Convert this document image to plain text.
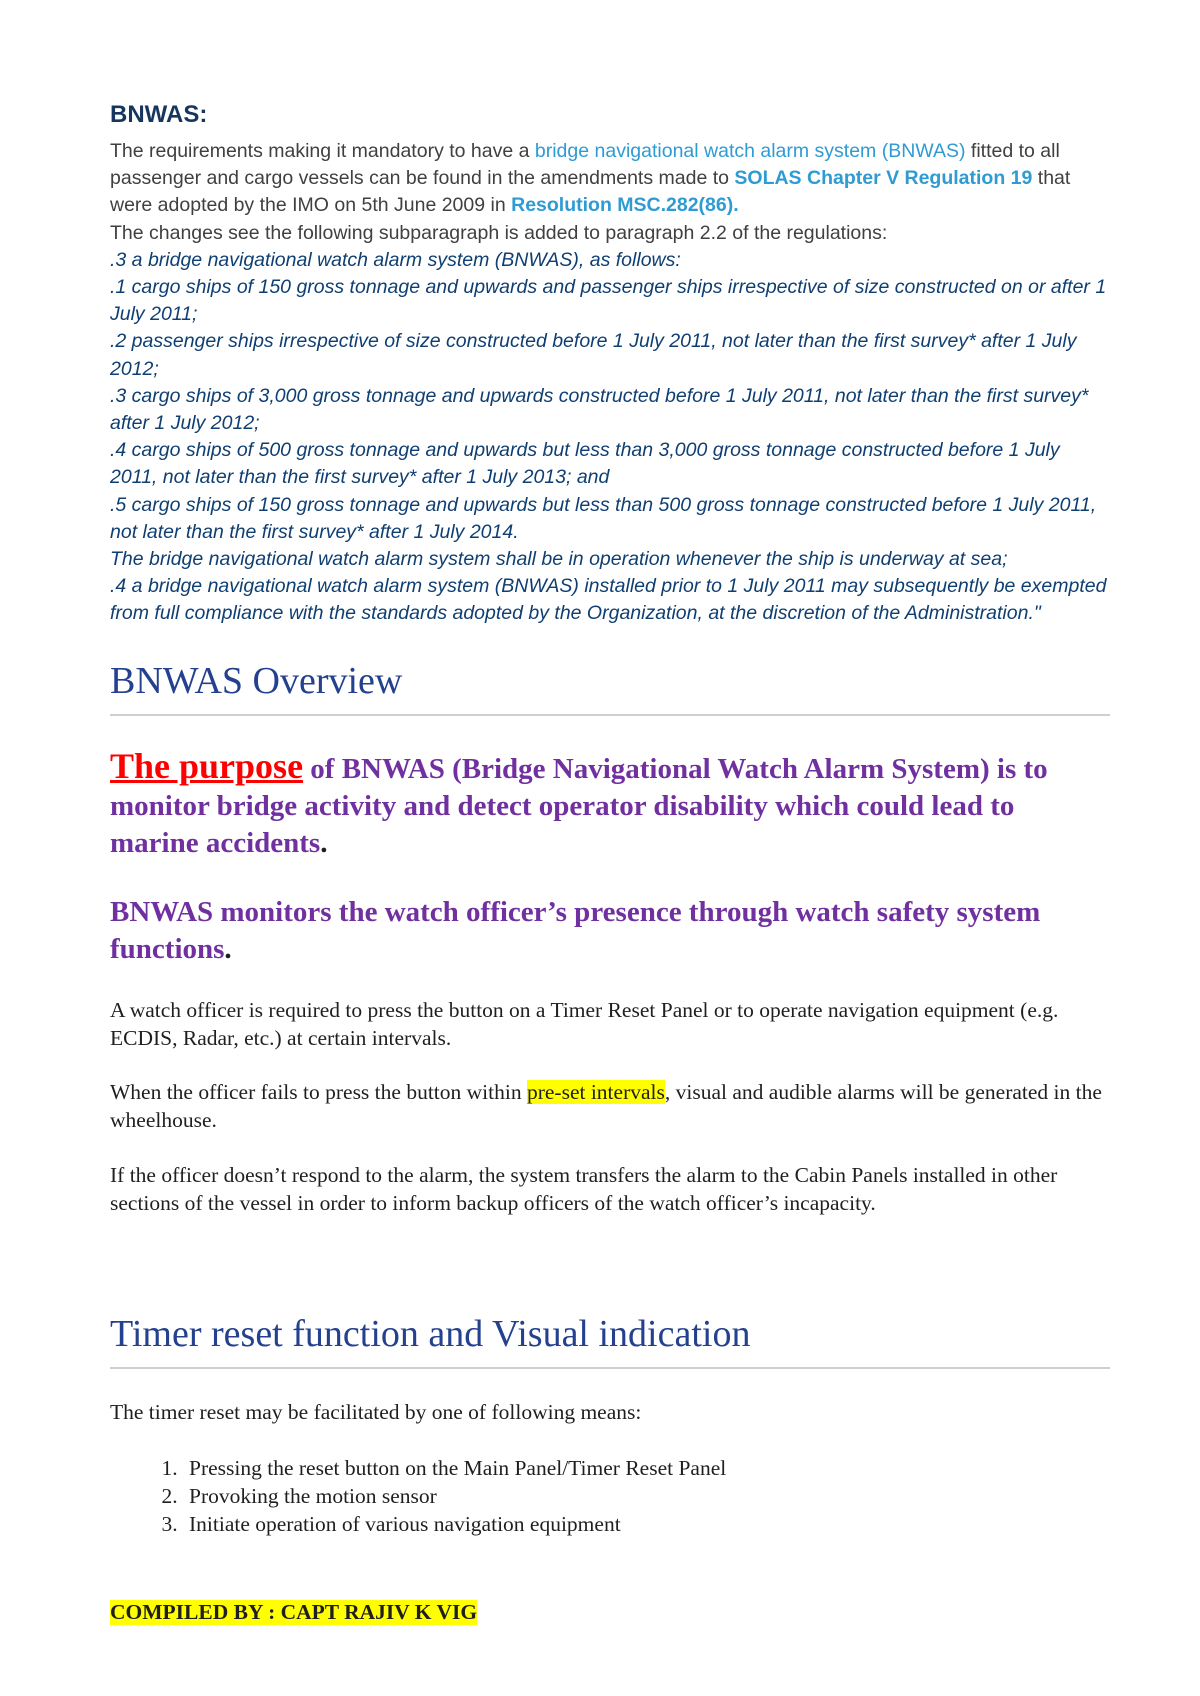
BNWAS:

The requirements making it mandatory to have a bridge navigational watch alarm system (BNWAS) fitted to all passenger and cargo vessels can be found in the amendments made to SOLAS Chapter V Regulation 19 that were adopted by the IMO on 5th June 2009 in Resolution MSC.282(86).

The changes see the following subparagraph is added to paragraph 2.2 of the regulations:

.3 a bridge navigational watch alarm system (BNWAS), as follows:

.1 cargo ships of 150 gross tonnage and upwards and passenger ships irrespective of size constructed on or after 1 July 2011;

.2 passenger ships irrespective of size constructed before 1 July 2011, not later than the first survey* after 1 July 2012;

.3 cargo ships of 3,000 gross tonnage and upwards constructed before 1 July 2011, not later than the first survey* after 1 July 2012;

.4 cargo ships of 500 gross tonnage and upwards but less than 3,000 gross tonnage constructed before 1 July 2011, not later than the first survey* after 1 July 2013; and

.5 cargo ships of 150 gross tonnage and upwards but less than 500 gross tonnage constructed before 1 July 2011, not later than the first survey* after 1 July 2014.

The bridge navigational watch alarm system shall be in operation whenever the ship is underway at sea;

.4 a bridge navigational watch alarm system (BNWAS) installed prior to 1 July 2011 may subsequently be exempted from full compliance with the standards adopted by the Organization, at the discretion of the Administration."

BNWAS Overview
The purpose of BNWAS (Bridge Navigational Watch Alarm System) is to monitor bridge activity and detect operator disability which could lead to marine accidents.
BNWAS monitors the watch officer’s presence through watch safety system functions.

A watch officer is required to press the button on a Timer Reset Panel or to operate navigation equipment (e.g. ECDIS, Radar, etc.) at certain intervals.

When the officer fails to press the button within pre-set intervals, visual and audible alarms will be generated in the wheelhouse.

If the officer doesn’t respond to the alarm, the system transfers the alarm to the Cabin Panels installed in other sections of the vessel in order to inform backup officers of the watch officer’s incapacity.

Timer reset function and Visual indication

The timer reset may be facilitated by one of following means:

1. Pressing the reset button on the Main Panel/Timer Reset Panel
2. Provoking the motion sensor
3. Initiate operation of various navigation equipment
COMPILED BY : CAPT RAJIV K VIG
